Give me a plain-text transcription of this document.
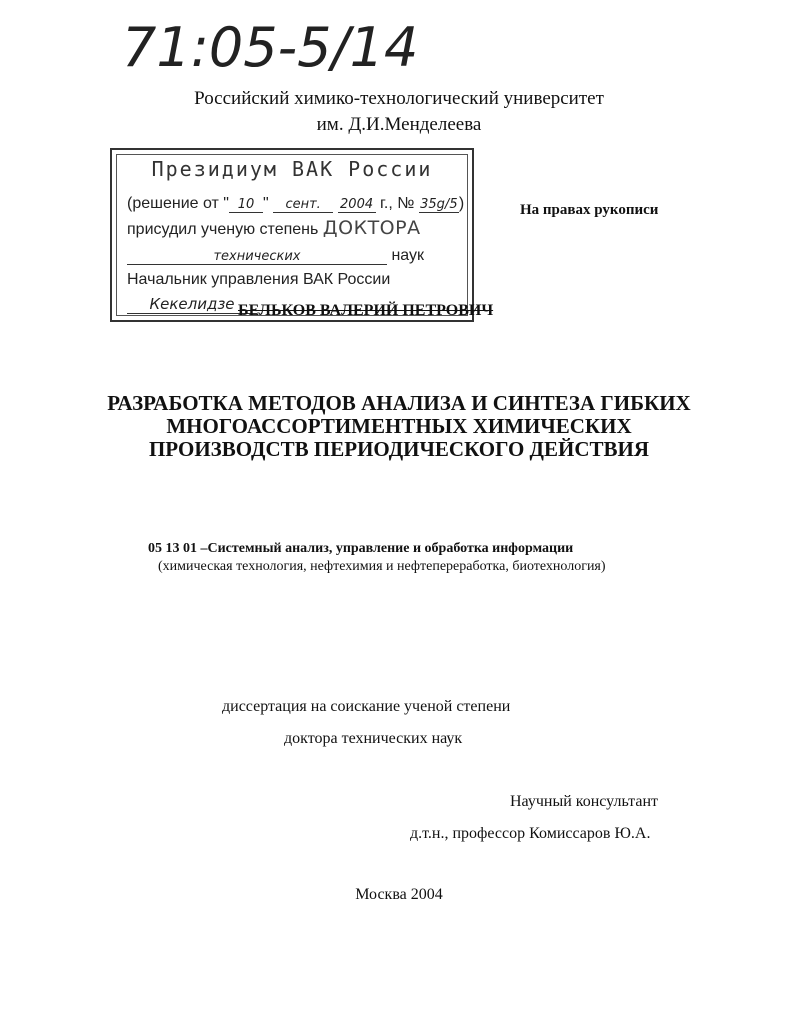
71:05-5/14
Российский химико-технологический университет
им. Д.И.Менделеева
Президиум ВАК России
(решение от " 10 " сент. 2004 г., № 35g/5)
присудил ученую степень ДОКТОРА
технических	наук
Начальник управления ВАК России
Кекелидзе
На правах рукописи
БЕЛЬКОВ ВАЛЕРИЙ ПЕТРОВИЧ
РАЗРАБОТКА МЕТОДОВ АНАЛИЗА И СИНТЕЗА ГИБКИХ
МНОГОАССОРТИМЕНТНЫХ ХИМИЧЕСКИХ
ПРОИЗВОДСТВ ПЕРИОДИЧЕСКОГО ДЕЙСТВИЯ
05 13 01 –Системный анализ, управление и обработка информации
(химическая технология, нефтехимия и нефтепереработка, биотехнология)
диссертация на соискание ученой степени
доктора технических наук
Научный консультант
д.т.н., профессор Комиссаров Ю.А.
Москва 2004
